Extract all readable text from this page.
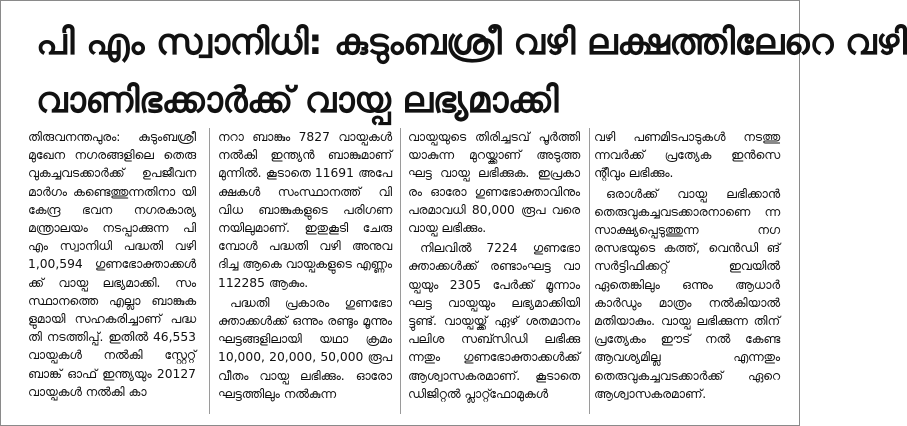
പി എം സ്വാനിധി: കുടുംബശ്രീ വഴി ലക്ഷത്തിലേറെ വഴി
വാണിഭക്കാർക്ക് വായ്പ ലഭ്യമാക്കി

തിരുവനന്തപുരം: കുടുംബശ്രീ മുഖേന നഗരങ്ങളിലെ തെരു വുകച്ചവടക്കാർക്ക് ഉപജീവന മാർഗം കണ്ടെത്തുന്നതിനാ യി കേന്ദ്ര ഭവന നഗരകാര്യ മന്ത്രാലയം നടപ്പാക്കുന്ന പി എം സ്വാനിധി പദ്ധതി വഴി 1,00,594 ഗുണഭോക്താക്കൾ ക്ക് വായ്പ ലഭ്യമാക്കി. സം സ്ഥാനത്തെ എല്ലാ ബാങ്കുക ളുമായി സഹകരിച്ചാണ് പദ്ധ തി നടത്തിപ്പ്. ഇതിൽ 46,553 വായ്പകൾ നൽകി സ്റ്റേറ്റ് ബാങ്ക് ഓഫ് ഇന്ത്യയും 20127 വായ്പകൾ നൽകി കാ

നറാ ബാങ്കും 7827 വായ്പകൾ നൽകി ഇന്ത്യൻ ബാങ്കുമാണ് മുന്നിൽ. കൂടാതെ 11691 അപേ ക്ഷകൾ സംസ്ഥാനത്ത് വി വിധ ബാങ്കുകളുടെ പരിഗണ നയിലുമാണ്. ഇതുകൂടി ചേരു മ്പോൾ പദ്ധതി വഴി അനുവ ദിച്ച ആകെ വായ്പകളുടെ എണ്ണം 112285 ആകും.

പദ്ധതി പ്രകാരം ഗുണഭോ ക്താക്കൾക്ക് ഒന്നും രണ്ടും മൂന്നും ഘട്ടങ്ങളിലായി യഥാ ക്രമം 10,000, 20,000, 50,000 രൂപ വീതം വായ്പ ലഭിക്കും. ഓരോ ഘട്ടത്തിലും നൽകുന്ന

വായ്പയുടെ തിരിച്ചടവ് പൂർത്തി യാകുന്ന മുറയ്ക്കാണ് അടുത്ത ഘട്ട വായ്പ ലഭിക്കുക. ഇപ്രകാ രം ഓരോ ഗുണഭോക്താവിനും പരമാവധി 80,000 രൂപ വരെ വായ്പ ലഭിക്കും.

നിലവിൽ 7224 ഗുണഭോ ക്താക്കൾക്ക് രണ്ടാംഘട്ട വാ യ്പയും 2305 പേർക്ക് മൂന്നാം ഘട്ട വായ്പയും ലഭ്യമാക്കിയി ട്ടുണ്ട്. വായ്പയ്ക്ക് ഏഴ് ശതമാനം പലിശ സബ്സിഡി ലഭിക്കു ന്നതും ഗുണഭോക്താക്കൾക്ക് ആശ്വാസകരമാണ്. കൂടാതെ ഡിജിറ്റൽ പ്ലാറ്റ്ഫോമുകൾ

വഴി പണമിടപാടുകൾ നടത്തു ന്നവർക്ക് പ്രത്യേക ഇൻസെ ന്റീവും ലഭിക്കും.

ഒരാൾക്ക് വായ്പ ലഭിക്കാൻ തെരുവുകച്ചവടക്കാരനാണെ ന്ന സാക്ഷ്യപ്പെടുത്തുന്ന നഗ രസഭയുടെ കത്ത്, വെൻഡി ങ് സർട്ടിഫിക്കറ്റ് ഇവയിൽ ഏതെങ്കിലും ഒന്നും ആധാർ കാർഡും മാത്രം നൽകിയാൽ മതിയാകും. വായ്പ ലഭിക്കുന്ന തിന് പ്രത്യേകം ഈട് നൽ കേണ്ട ആവശ്യമില്ല എന്നതും തെരുവുകച്ചവടക്കാർക്ക് ഏറെ ആശ്വാസകരമാണ്.
